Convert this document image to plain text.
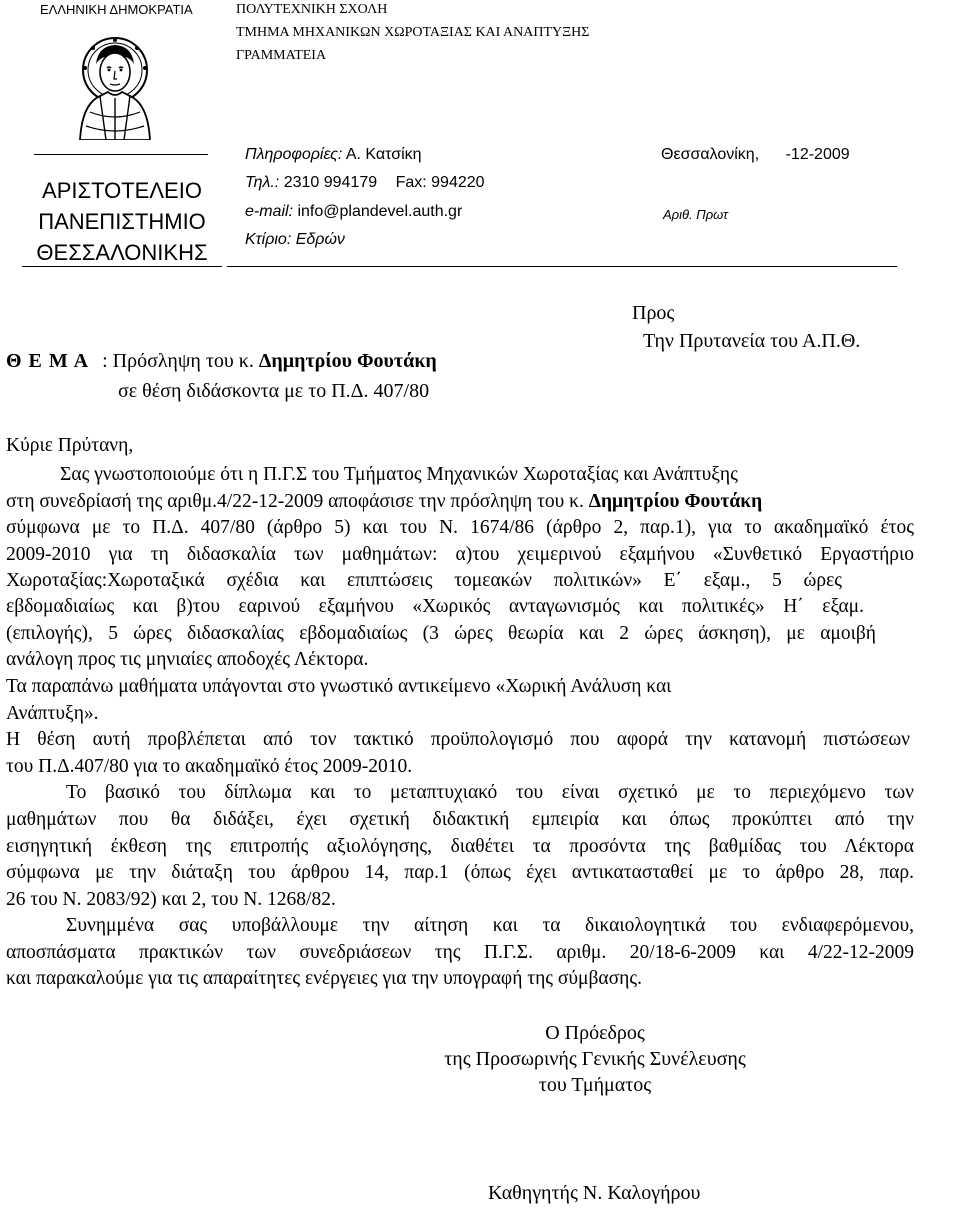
ΕΛΛΗΝΙΚΗ ΔΗΜΟΚΡΑΤΙΑ
ΑΡΙΣΤΟΤΕΛΕΙΟ
ΠΑΝΕΠΙΣΤΗΜΙΟ
ΘΕΣΣΑΛΟΝΙΚΗΣ
ΠΟΛΥΤΕΧΝΙΚΗ ΣΧΟΛΗ
ΤΜΗΜΑ ΜΗΧΑΝΙΚΩΝ ΧΩΡΟΤΑΞΙΑΣ ΚΑΙ ΑΝΑΠΤΥΞΗΣ
ΓΡΑΜΜΑΤΕΙΑ
Πληροφορίες: Α. Κατσίκη
Τηλ.: 2310 994179 Fax: 994220
e-mail: info@plandevel.auth.gr
Κτίριο: Εδρών
Θεσσαλονίκη, -12-2009
Αριθ. Πρωτ
Θ Ε Μ Α : Πρόσληψη του κ. Δημητρίου Φουτάκη
σε θέση διδάσκοντα με το Π.Δ. 407/80
Προς
Την Πρυτανεία του Α.Π.Θ.
Κύριε Πρύτανη,
Σας γνωστοποιούμε ότι η Π.Γ.Σ του Τμήματος Μηχανικών Χωροταξίας και Ανάπτυξης
στη συνεδρίασή της αριθμ.4/22-12-2009 αποφάσισε την πρόσληψη του κ. Δημητρίου Φουτάκη
σύμφωνα με το Π.Δ. 407/80 (άρθρο 5) και του Ν. 1674/86 (άρθρο 2, παρ.1), για το ακαδημαϊκό έτος
2009-2010 για τη διδασκαλία των μαθημάτων: α)του χειμερινού εξαμήνου «Συνθετικό Εργαστήριο
Χωροταξίας:Χωροταξικά σχέδια και επιπτώσεις τομεακών πολιτικών» Ε΄ εξαμ., 5 ώρες
εβδομαδιαίως και β)του εαρινού εξαμήνου «Χωρικός ανταγωνισμός και πολιτικές» Η΄ εξαμ.
(επιλογής), 5 ώρες διδασκαλίας εβδομαδιαίως (3 ώρες θεωρία και 2 ώρες άσκηση), με αμοιβή
ανάλογη προς τις μηνιαίες αποδοχές Λέκτορα.
Τα παραπάνω μαθήματα υπάγονται στο γνωστικό αντικείμενο «Χωρική Ανάλυση και
Ανάπτυξη».
Η θέση αυτή προβλέπεται από τον τακτικό προϋπολογισμό που αφορά την κατανομή πιστώσεων
του Π.Δ.407/80 για το ακαδημαϊκό έτος 2009-2010.
Το βασικό του δίπλωμα και το μεταπτυχιακό του είναι σχετικό με το περιεχόμενο των
μαθημάτων που θα διδάξει, έχει σχετική διδακτική εμπειρία και όπως προκύπτει από την
εισηγητική έκθεση της επιτροπής αξιολόγησης, διαθέτει τα προσόντα της βαθμίδας του Λέκτορα
σύμφωνα με την διάταξη του άρθρου 14, παρ.1 (όπως έχει αντικατασταθεί με το άρθρο 28, παρ.
26 του Ν. 2083/92) και 2, του Ν. 1268/82.
Συνημμένα σας υποβάλλουμε την αίτηση και τα δικαιολογητικά του ενδιαφερόμενου,
αποσπάσματα πρακτικών των συνεδριάσεων της Π.Γ.Σ. αριθμ. 20/18-6-2009 και 4/22-12-2009
και παρακαλούμε για τις απαραίτητες ενέργειες για την υπογραφή της σύμβασης.
Ο Πρόεδρος
της Προσωρινής Γενικής Συνέλευσης
του Τμήματος
Καθηγητής Ν. Καλογήρου
